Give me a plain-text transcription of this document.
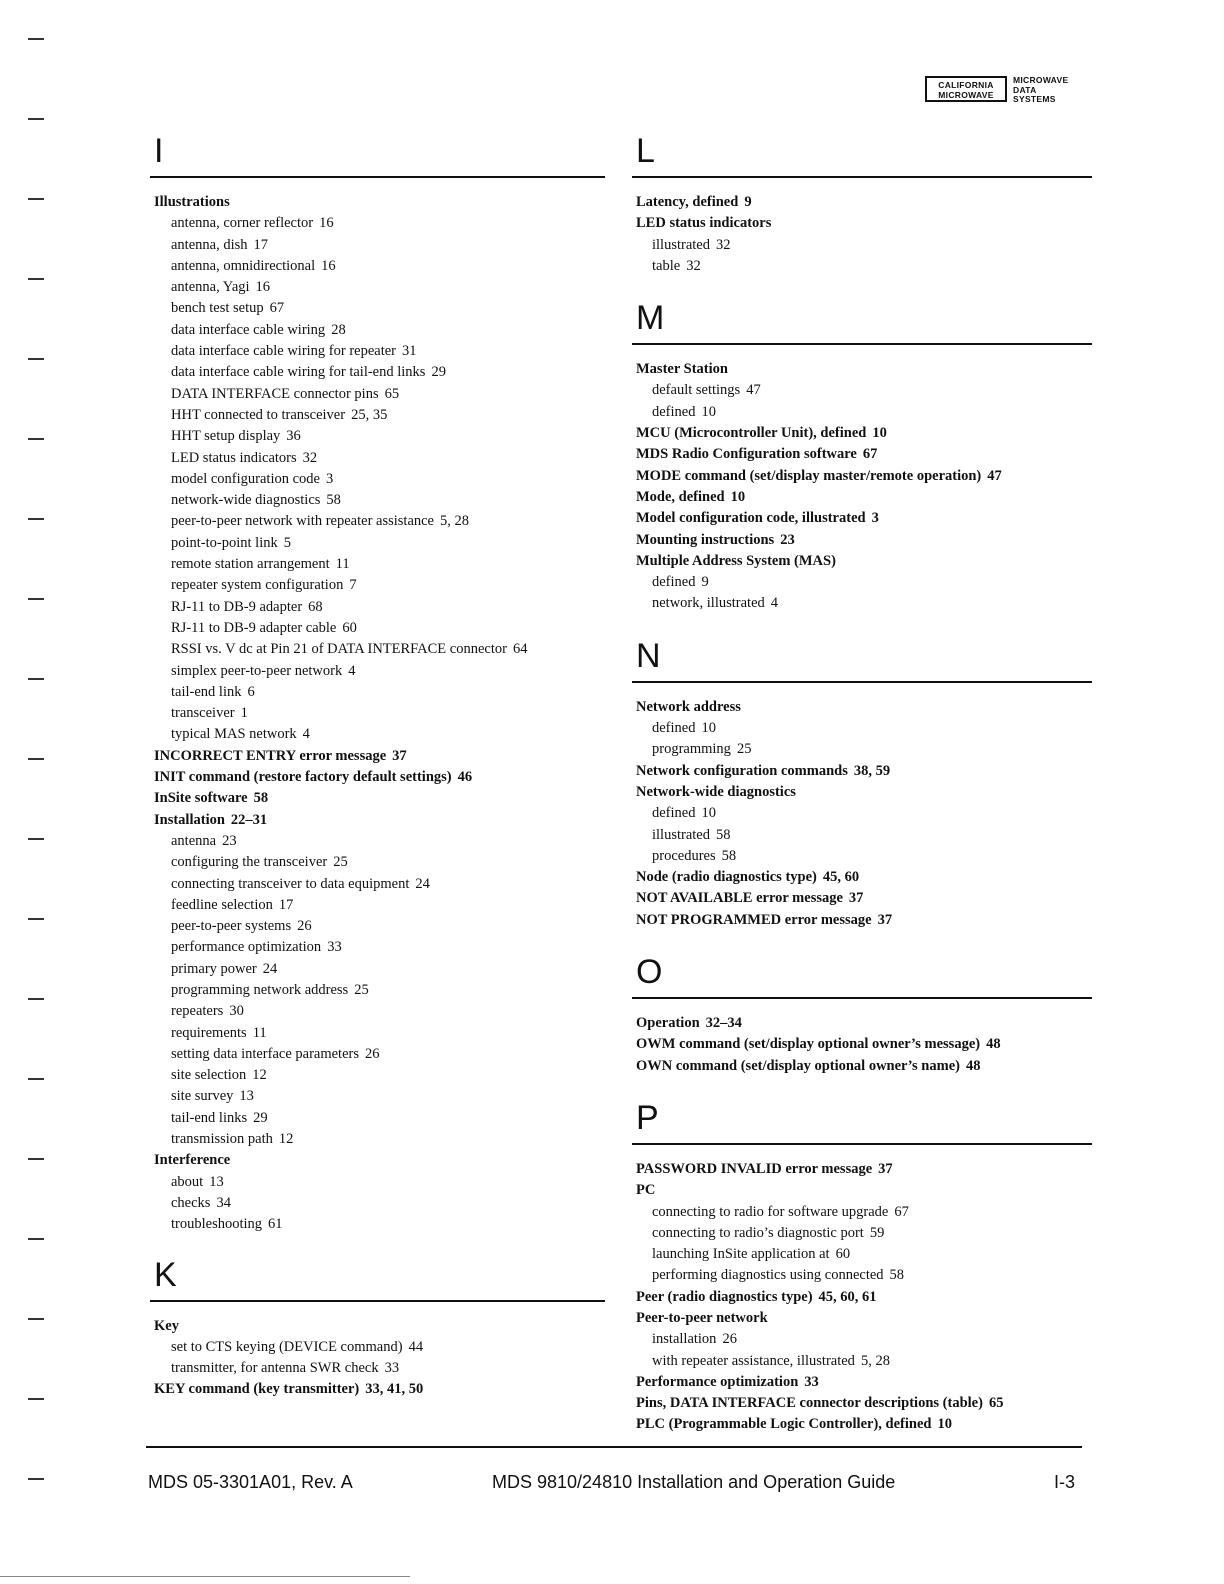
CALIFORNIA
MICROWAVE
MICROWAVE
DATA
SYSTEMS
I
Illustrations
antenna, corner reflector 16
antenna, dish 17
antenna, omnidirectional 16
antenna, Yagi 16
bench test setup 67
data interface cable wiring 28
data interface cable wiring for repeater 31
data interface cable wiring for tail-end links 29
DATA INTERFACE connector pins 65
HHT connected to transceiver 25, 35
HHT setup display 36
LED status indicators 32
model configuration code 3
network-wide diagnostics 58
peer-to-peer network with repeater assistance 5, 28
point-to-point link 5
remote station arrangement 11
repeater system configuration 7
RJ-11 to DB-9 adapter 68
RJ-11 to DB-9 adapter cable 60
RSSI vs. V dc at Pin 21 of DATA INTERFACE connector 64
simplex peer-to-peer network 4
tail-end link 6
transceiver 1
typical MAS network 4
INCORRECT ENTRY error message 37
INIT command (restore factory default settings) 46
InSite software 58
Installation 22–31
antenna 23
configuring the transceiver 25
connecting transceiver to data equipment 24
feedline selection 17
peer-to-peer systems 26
performance optimization 33
primary power 24
programming network address 25
repeaters 30
requirements 11
setting data interface parameters 26
site selection 12
site survey 13
tail-end links 29
transmission path 12
Interference
about 13
checks 34
troubleshooting 61
K
Key
set to CTS keying (DEVICE command) 44
transmitter, for antenna SWR check 33
KEY command (key transmitter) 33, 41, 50
L
Latency, defined 9
LED status indicators
illustrated 32
table 32
M
Master Station
default settings 47
defined 10
MCU (Microcontroller Unit), defined 10
MDS Radio Configuration software 67
MODE command (set/display master/remote operation) 47
Mode, defined 10
Model configuration code, illustrated 3
Mounting instructions 23
Multiple Address System (MAS)
defined 9
network, illustrated 4
N
Network address
defined 10
programming 25
Network configuration commands 38, 59
Network-wide diagnostics
defined 10
illustrated 58
procedures 58
Node (radio diagnostics type) 45, 60
NOT AVAILABLE error message 37
NOT PROGRAMMED error message 37
O
Operation 32–34
OWM command (set/display optional owner’s message) 48
OWN command (set/display optional owner’s name) 48
P
PASSWORD INVALID error message 37
PC
connecting to radio for software upgrade 67
connecting to radio’s diagnostic port 59
launching InSite application at 60
performing diagnostics using connected 58
Peer (radio diagnostics type) 45, 60, 61
Peer-to-peer network
installation 26
with repeater assistance, illustrated 5, 28
Performance optimization 33
Pins, DATA INTERFACE connector descriptions (table) 65
PLC (Programmable Logic Controller), defined 10
MDS 05-3301A01, Rev. A	MDS 9810/24810 Installation and Operation Guide	I-3
